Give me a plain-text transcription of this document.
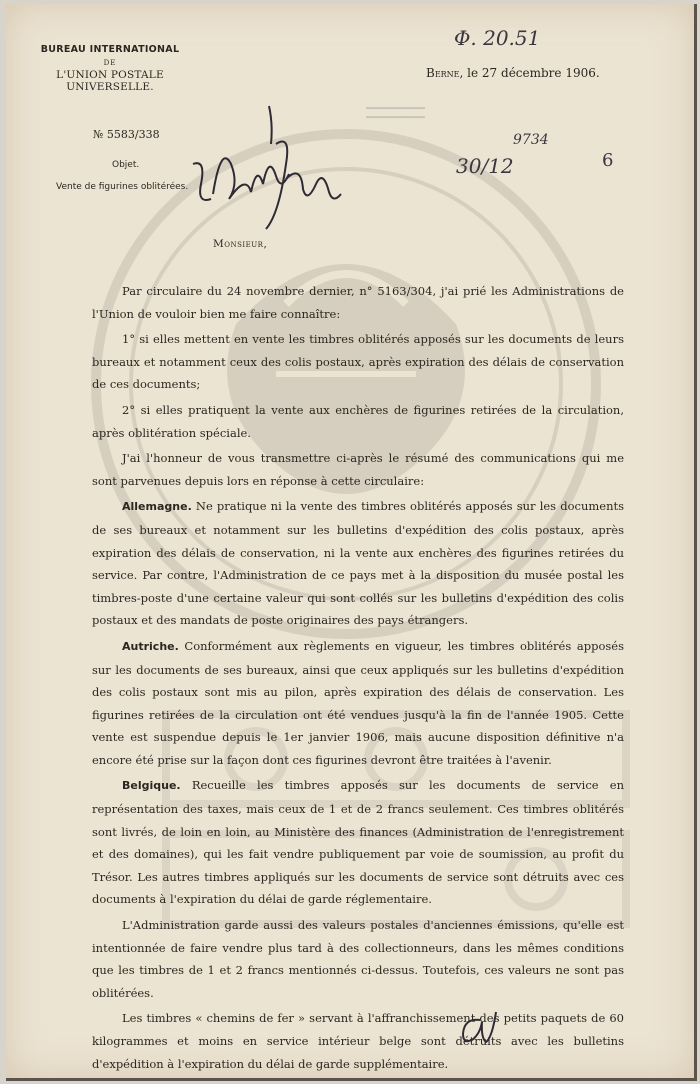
BUREAU INTERNATIONAL
DE
L'UNION POSTALE UNIVERSELLE.
№ 5583/338
Objet.
Vente de figurines oblitérées.
Berne, le 27 décembre 1906.
Φ. 20.51
9734
30/12	6
▬▬▬▬▬▬▬▬▬▬▬▬▬▬
▬▬▬▬▬▬▬▬▬▬▬▬▬▬
Monsieur,

Par circulaire du 24 novembre dernier, n° 5163/304, j'ai prié les Administrations de l'Union de vouloir bien me faire connaître:

1° si elles mettent en vente les timbres oblitérés apposés sur les documents de leurs bureaux et notamment ceux des colis postaux, après expiration des délais de conservation de ces documents;

2° si elles pratiquent la vente aux enchères de figurines retirées de la circulation, après oblitération spéciale.

J'ai l'honneur de vous transmettre ci-après le résumé des communications qui me sont parvenues depuis lors en réponse à cette circulaire:

Allemagne. Ne pratique ni la vente des timbres oblitérés apposés sur les documents de ses bureaux et notamment sur les bulletins d'expédition des colis postaux, après expiration des délais de conservation, ni la vente aux enchères des figurines retirées du service. Par contre, l'Administration de ce pays met à la disposition du musée postal les timbres-poste d'une certaine valeur qui sont collés sur les bulletins d'expédition des colis postaux et des mandats de poste originaires des pays étrangers.

Autriche. Conformément aux règlements en vigueur, les timbres oblitérés apposés sur les documents de ses bureaux, ainsi que ceux appliqués sur les bulletins d'expédition des colis postaux sont mis au pilon, après expiration des délais de conservation. Les figurines retirées de la circulation ont été vendues jusqu'à la fin de l'année 1905. Cette vente est suspendue depuis le 1er janvier 1906, mais aucune disposition définitive n'a encore été prise sur la façon dont ces figurines devront être traitées à l'avenir.

Belgique. Recueille les timbres apposés sur les documents de service en représentation des taxes, mais ceux de 1 et de 2 francs seulement. Ces timbres oblitérés sont livrés, de loin en loin, au Ministère des finances (Administration de l'enregistrement et des domaines), qui les fait vendre publiquement par voie de soumission, au profit du Trésor. Les autres timbres appliqués sur les documents de service sont détruits avec ces documents à l'expiration du délai de garde réglementaire.

L'Administration garde aussi des valeurs postales d'anciennes émissions, qu'elle est intentionnée de faire vendre plus tard à des collectionneurs, dans les mêmes conditions que les timbres de 1 et 2 francs mentionnés ci-dessus. Toutefois, ces valeurs ne sont pas oblitérées.

Les timbres « chemins de fer » servant à l'affranchissement des petits paquets de 60 kilogrammes et moins en service intérieur belge sont détruits avec les bulletins d'expédition à l'expiration du délai de garde supplémentaire.
